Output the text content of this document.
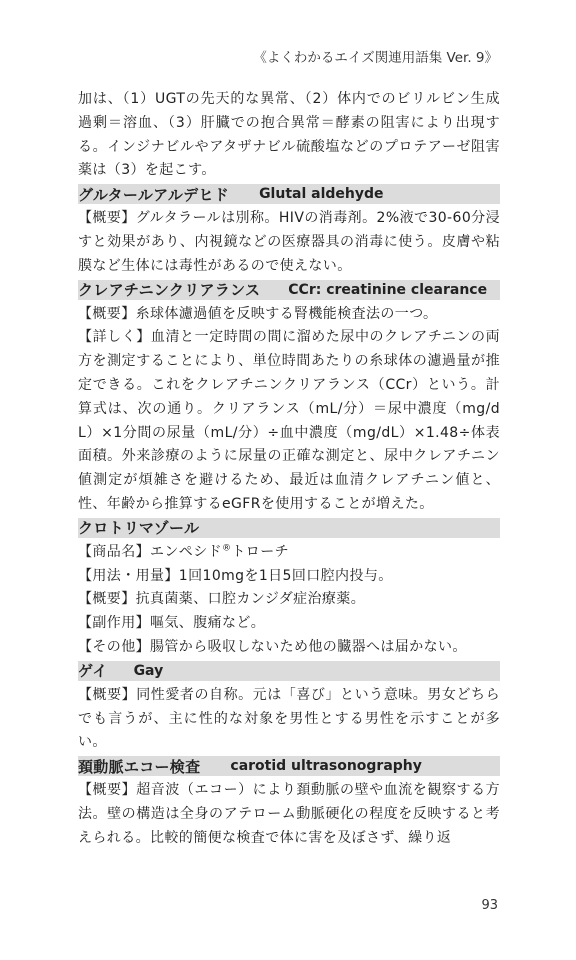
《よくわかるエイズ関連用語集 Ver. 9》

加は、（1）UGTの先天的な異常、（2）体内でのビリルビン生成過剰＝溶血、（3）肝臓での抱合異常＝酵素の阻害により出現する。インジナビルやアタザナビル硫酸塩などのプロテアーゼ阻害薬は（3）を起こす。

グルタールアルデヒド Glutal aldehyde

【概要】グルタラールは別称。HIVの消毒剤。2%液で30-60分浸すと効果があり、内視鏡などの医療器具の消毒に使う。皮膚や粘膜など生体には毒性があるので使えない。

クレアチニンクリアランス CCr: creatinine clearance

【概要】糸球体濾過値を反映する腎機能検査法の一つ。

【詳しく】血清と一定時間の間に溜めた尿中のクレアチニンの両方を測定することにより、単位時間あたりの糸球体の濾過量が推定できる。これをクレアチニンクリアランス（CCr）という。計算式は、次の通り。クリアランス（mL/分）＝尿中濃度（mg/dL）×1分間の尿量（mL/分）÷血中濃度（mg/dL）×1.48÷体表面積。外来診療のように尿量の正確な測定と、尿中クレアチニン値測定が煩雑さを避けるため、最近は血清クレアチニン値と、性、年齢から推算するeGFRを使用することが増えた。

クロトリマゾール

【商品名】エンペシド®トローチ

【用法・用量】1回10mgを1日5回口腔内投与。

【概要】抗真菌薬、口腔カンジダ症治療薬。

【副作用】嘔気、腹痛など。

【その他】腸管から吸収しないため他の臓器へは届かない。

ゲイ Gay

【概要】同性愛者の自称。元は「喜び」という意味。男女どちらでも言うが、主に性的な対象を男性とする男性を示すことが多い。

頚動脈エコー検査 carotid ultrasonography

【概要】超音波（エコー）により頚動脈の壁や血流を観察する方法。壁の構造は全身のアテローム動脈硬化の程度を反映すると考えられる。比較的簡便な検査で体に害を及ぼさず、繰り返

93
